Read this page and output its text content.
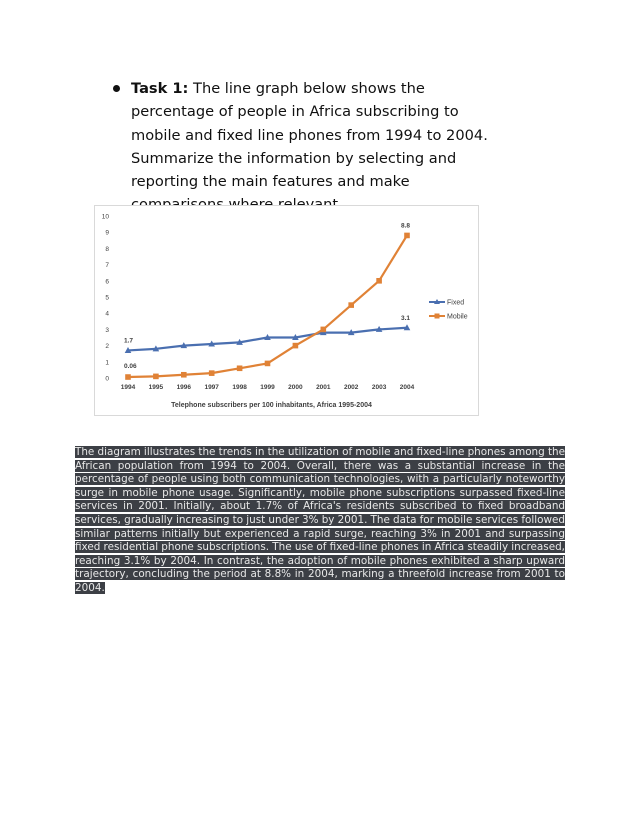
Task 1: The line graph below shows the percentage of people in Africa subscribing to mobile and fixed line phones from 1994 to 2004. Summarize the information by selecting and reporting the main features and make
0
1
2
3
4
5
6
7
8
9
10
1994 1995 1996 1997 1998 1999 2000 2001 2002 2003 2004
Telephone subscribers per 100 inhabitants, Africa 1995-2004
1.7
0.06
3.1
8.8
Fixed
Mobile
The diagram illustrates the trends in the utilization of mobile and fixed-line phones among the African population from 1994 to 2004. Overall, there was a substantial increase in the percentage of people using both communication technologies, with a particularly noteworthy surge in mobile phone usage. Significantly, mobile phone subscriptions surpassed fixed-line services in 2001. Initially, about 1.7% of Africa's residents subscribed to fixed broadband services, gradually increasing to just under 3% by 2001. The data for mobile services followed similar patterns initially but experienced a rapid surge, reaching 3% in 2001 and surpassing fixed residential phone subscriptions. The use of fixed-line phones in Africa steadily increased, reaching 3.1% by 2004. In contrast, the adoption of mobile phones exhibited a sharp upward trajectory, concluding the period at 8.8% in 2004, marking a threefold increase from 2001 to 2004.
